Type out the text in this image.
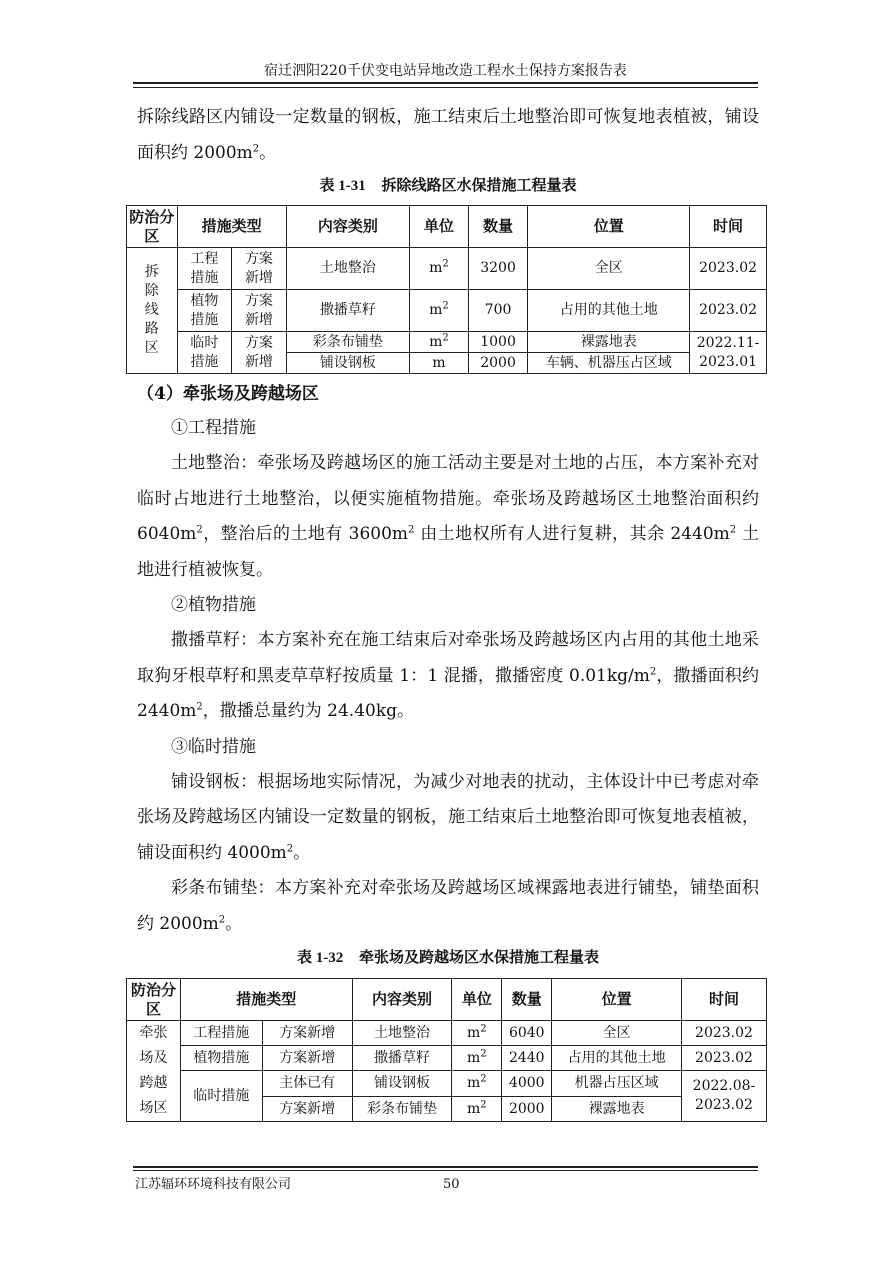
宿迁泗阳220千伏变电站异地改造工程水土保持方案报告表

拆除线路区内铺设一定数量的钢板，施工结束后土地整治即可恢复地表植被，铺设面积约 $2000m^2$。

表 1-31 拆除线路区水保措施工程量表
防治分区	措施类型		内容类别	单位	数量	位置	时间
拆除线路区	工程措施	方案新增	土地整治	$m^2$	3200	全区	2023.02
	植物措施	方案新增	撒播草籽	$m^2$	700	占用的其他土地	2023.02
	临时措施	方案新增	彩条布铺垫	$m^2$	1000	裸露地表	2022.11-2023.01
			铺设钢板	m	2000	车辆、机器压占区域	

（4）牵张场及跨越场区

①工程措施

土地整治：牵张场及跨越场区的施工活动主要是对土地的占压，本方案补充对临时占地进行土地整治，以便实施植物措施。牵张场及跨越场区土地整治面积约 $6040m^2$，整治后的土地有 $3600m^2$ 由土地权所有人进行复耕，其余 $2440m^2$ 土地进行植被恢复。

②植物措施

撒播草籽：本方案补充在施工结束后对牵张场及跨越场区内占用的其他土地采取狗牙根草籽和黑麦草草籽按质量 1：1 混播，撒播密度 $0.01kg/m^2$，撒播面积约 $2440m^2$，撒播总量约为 24.40kg。

③临时措施

铺设钢板：根据场地实际情况，为减少对地表的扰动，主体设计中已考虑对牵张场及跨越场区内铺设一定数量的钢板，施工结束后土地整治即可恢复地表植被，铺设面积约 $4000m^2$。

彩条布铺垫：本方案补充对牵张场及跨越场区域裸露地表进行铺垫，铺垫面积约 $2000m^2$。

表 1-32 牵张场及跨越场区水保措施工程量表
防治分区	措施类型		内容类别	单位	数量	位置	时间
牵张场及跨越场区	工程措施	方案新增	土地整治	$m^2$	6040	全区	2023.02
	植物措施	方案新增	撒播草籽	$m^2$	2440	占用的其他土地	2023.02
	临时措施	主体已有	铺设钢板	$m^2$	4000	机器占压区域	2022.08-2023.02
		方案新增	彩条布铺垫	$m^2$	2000	裸露地表	
江苏辐环环境科技有限公司	50
